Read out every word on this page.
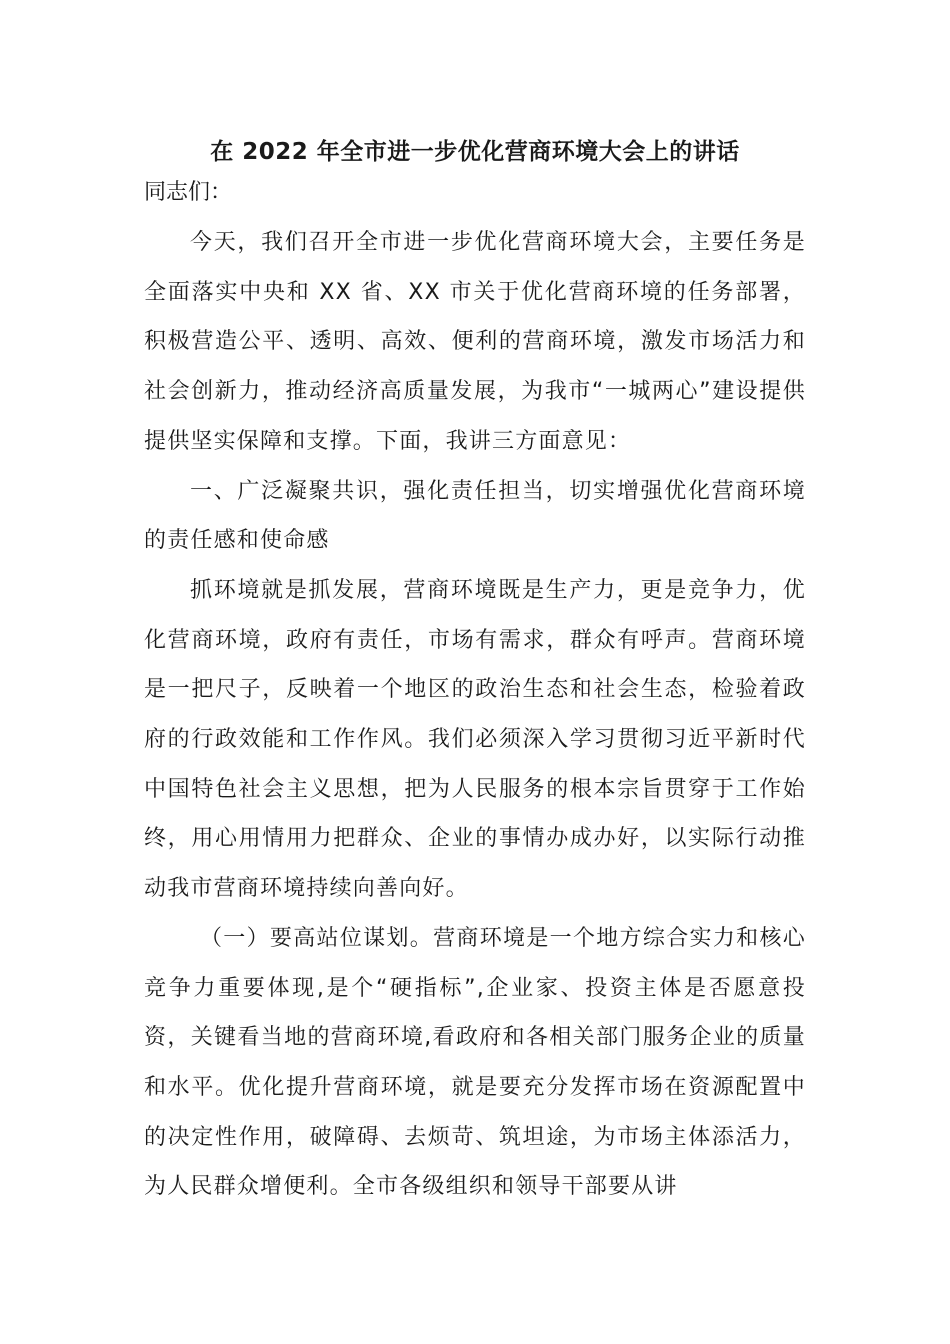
在 2022 年全市进一步优化营商环境大会上的讲话

同志们：

今天，我们召开全市进一步优化营商环境大会，主要任务是全面落实中央和 XX 省、XX 市关于优化营商环境的任务部署，积极营造公平、透明、高效、便利的营商环境，激发市场活力和社会创新力，推动经济高质量发展，为我市“一城两心”建设提供提供坚实保障和支撑。下面，我讲三方面意见：

一、广泛凝聚共识，强化责任担当，切实增强优化营商环境的责任感和使命感

抓环境就是抓发展，营商环境既是生产力，更是竞争力，优化营商环境，政府有责任，市场有需求，群众有呼声。营商环境是一把尺子，反映着一个地区的政治生态和社会生态，检验着政府的行政效能和工作作风。我们必须深入学习贯彻习近平新时代中国特色社会主义思想，把为人民服务的根本宗旨贯穿于工作始终，用心用情用力把群众、企业的事情办成办好，以实际行动推动我市营商环境持续向善向好。

（一）要高站位谋划。营商环境是一个地方综合实力和核心竞争力重要体现,是个“硬指标”,企业家、投资主体是否愿意投资，关键看当地的营商环境,看政府和各相关部门服务企业的质量和水平。优化提升营商环境，就是要充分发挥市场在资源配置中的决定性作用，破障碍、去烦苛、筑坦途，为市场主体添活力，为人民群众增便利。全市各级组织和领导干部要从讲
